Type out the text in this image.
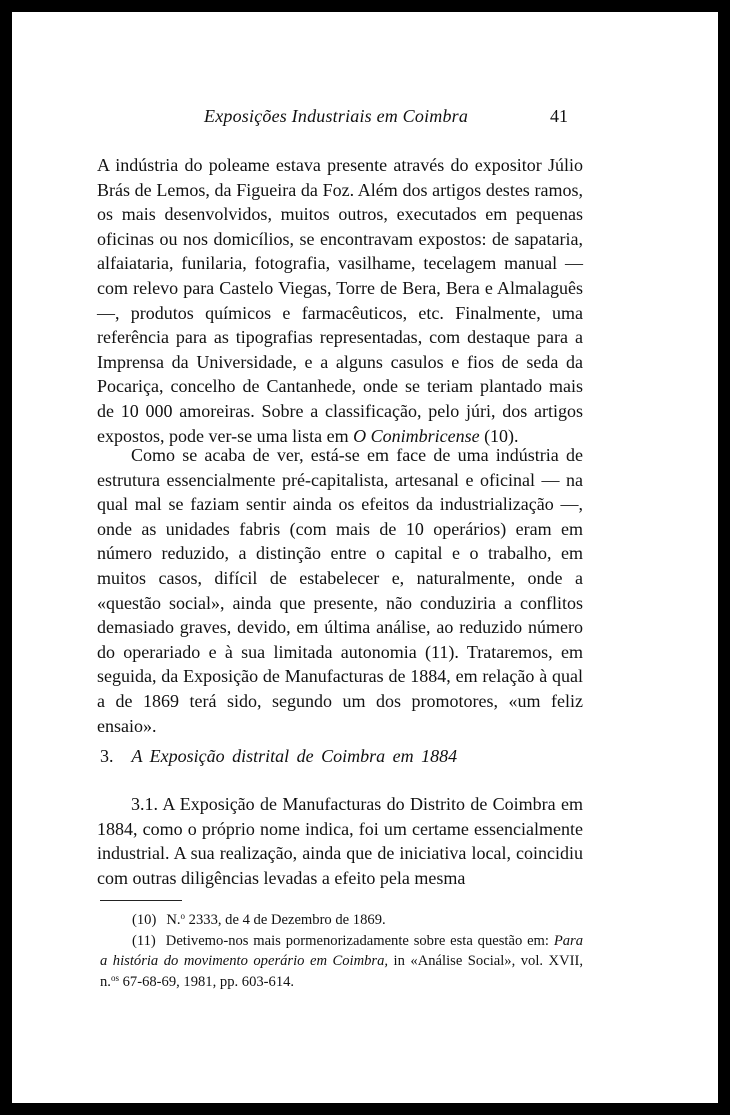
Exposições Industriais em Coimbra	41

A indústria do poleame estava presente através do expositor Júlio Brás de Lemos, da Figueira da Foz. Além dos artigos destes ramos, os mais desenvolvidos, muitos outros, executados em pequenas oficinas ou nos domicílios, se encontravam expostos: de sapataria, alfaiataria, funilaria, fotografia, vasilhame, tecelagem manual — com relevo para Castelo Viegas, Torre de Bera, Bera e Almalaguês —, produtos químicos e farmacêuticos, etc. Finalmente, uma referência para as tipografias representadas, com destaque para a Imprensa da Universidade, e a alguns casulos e fios de seda da Pocariça, concelho de Cantanhede, onde se teriam plantado mais de 10 000 amoreiras. Sobre a classificação, pelo júri, dos artigos expostos, pode ver-se uma lista em O Conimbricense (10).

Como se acaba de ver, está-se em face de uma indústria de estrutura essencialmente pré-capitalista, artesanal e oficinal — na qual mal se faziam sentir ainda os efeitos da industrialização —, onde as unidades fabris (com mais de 10 operários) eram em número reduzido, a distinção entre o capital e o trabalho, em muitos casos, difícil de estabelecer e, naturalmente, onde a «questão social», ainda que presente, não conduziria a conflitos demasiado graves, devido, em última análise, ao reduzido número do operariado e à sua limitada autonomia (11). Trataremos, em seguida, da Exposição de Manufacturas de 1884, em relação à qual a de 1869 terá sido, segundo um dos promotores, «um feliz ensaio».

3. A Exposição distrital de Coimbra em 1884

3.1. A Exposição de Manufacturas do Distrito de Coimbra em 1884, como o próprio nome indica, foi um certame essencialmente industrial. A sua realização, ainda que de iniciativa local, coincidiu com outras diligências levadas a efeito pela mesma

(10) N.$^o$ 2333, de 4 de Dezembro de 1869.

(11) Detivemo-nos mais pormenorizadamente sobre esta questão em: Para a história do movimento operário em Coimbra, in «Análise Social», vol. XVII, n.$^{os}$ 67-68-69, 1981, pp. 603-614.
